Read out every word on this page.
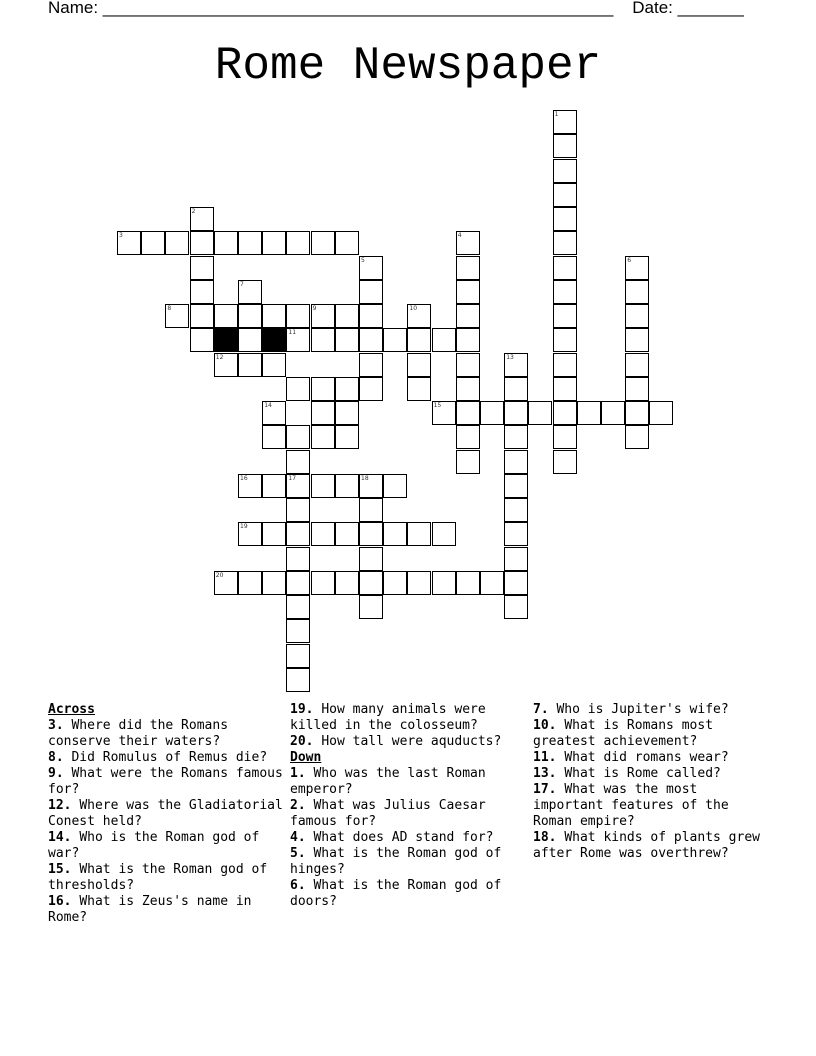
Name: ______________________________________________________ Date: _______
Rome Newspaper
1
2
3	4
5	6
7
8	9	10
11
12	13
14	15
16	17	18
19
20
Across
3. Where did the Romans conserve their waters?
8. Did Romulus of Remus die?
9. What were the Romans famous for?
12. Where was the Gladiatorial Conest held?
14. Who is the Roman god of war?
15. What is the Roman god of thresholds?
16. What is Zeus's name in Rome?
19. How many animals were killed in the colosseum?
20. How tall were aquducts?
Down
1. Who was the last Roman emperor?
2. What was Julius Caesar famous for?
4. What does AD stand for?
5. What is the Roman god of hinges?
6. What is the Roman god of doors?
7. Who is Jupiter's wife?
10. What is Romans most greatest achievement?
11. What did romans wear?
13. What is Rome called?
17. What was the most important features of the Roman empire?
18. What kinds of plants grew after Rome was overthrew?
